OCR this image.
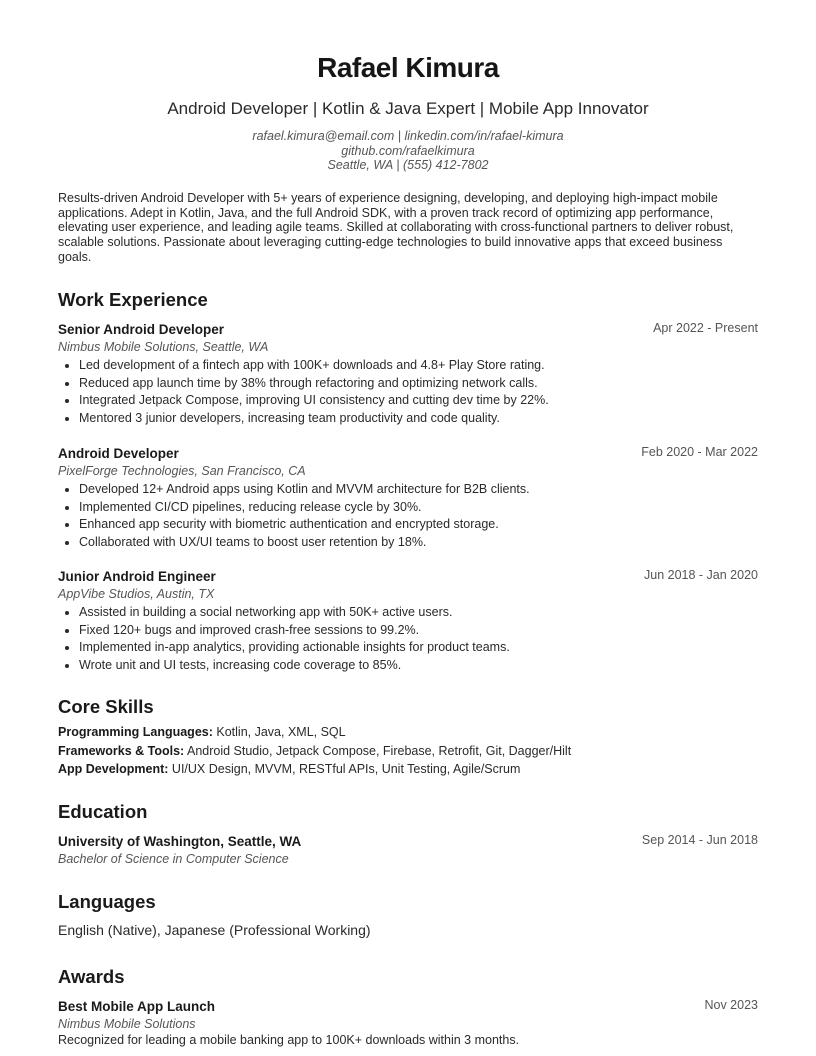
Rafael Kimura
Android Developer | Kotlin & Java Expert | Mobile App Innovator
rafael.kimura@email.com | linkedin.com/in/rafael-kimura
github.com/rafaelkimura
Seattle, WA | (555) 412-7802
Results-driven Android Developer with 5+ years of experience designing, developing, and deploying high-impact mobile applications. Adept in Kotlin, Java, and the full Android SDK, with a proven track record of optimizing app performance, elevating user experience, and leading agile teams. Skilled at collaborating with cross-functional partners to deliver robust, scalable solutions. Passionate about leveraging cutting-edge technologies to build innovative apps that exceed business goals.
Work Experience
Senior Android Developer	Apr 2022 - Present
Nimbus Mobile Solutions, Seattle, WA
• Led development of a fintech app with 100K+ downloads and 4.8+ Play Store rating.
• Reduced app launch time by 38% through refactoring and optimizing network calls.
• Integrated Jetpack Compose, improving UI consistency and cutting dev time by 22%.
• Mentored 3 junior developers, increasing team productivity and code quality.
Android Developer	Feb 2020 - Mar 2022
PixelForge Technologies, San Francisco, CA
• Developed 12+ Android apps using Kotlin and MVVM architecture for B2B clients.
• Implemented CI/CD pipelines, reducing release cycle by 30%.
• Enhanced app security with biometric authentication and encrypted storage.
• Collaborated with UX/UI teams to boost user retention by 18%.
Junior Android Engineer	Jun 2018 - Jan 2020
AppVibe Studios, Austin, TX
• Assisted in building a social networking app with 50K+ active users.
• Fixed 120+ bugs and improved crash-free sessions to 99.2%.
• Implemented in-app analytics, providing actionable insights for product teams.
• Wrote unit and UI tests, increasing code coverage to 85%.
Core Skills
Programming Languages: Kotlin, Java, XML, SQL
Frameworks & Tools: Android Studio, Jetpack Compose, Firebase, Retrofit, Git, Dagger/Hilt
App Development: UI/UX Design, MVVM, RESTful APIs, Unit Testing, Agile/Scrum
Education
University of Washington, Seattle, WA	Sep 2014 - Jun 2018
Bachelor of Science in Computer Science
Languages
English (Native), Japanese (Professional Working)
Awards
Best Mobile App Launch	Nov 2023
Nimbus Mobile Solutions
Recognized for leading a mobile banking app to 100K+ downloads within 3 months.
